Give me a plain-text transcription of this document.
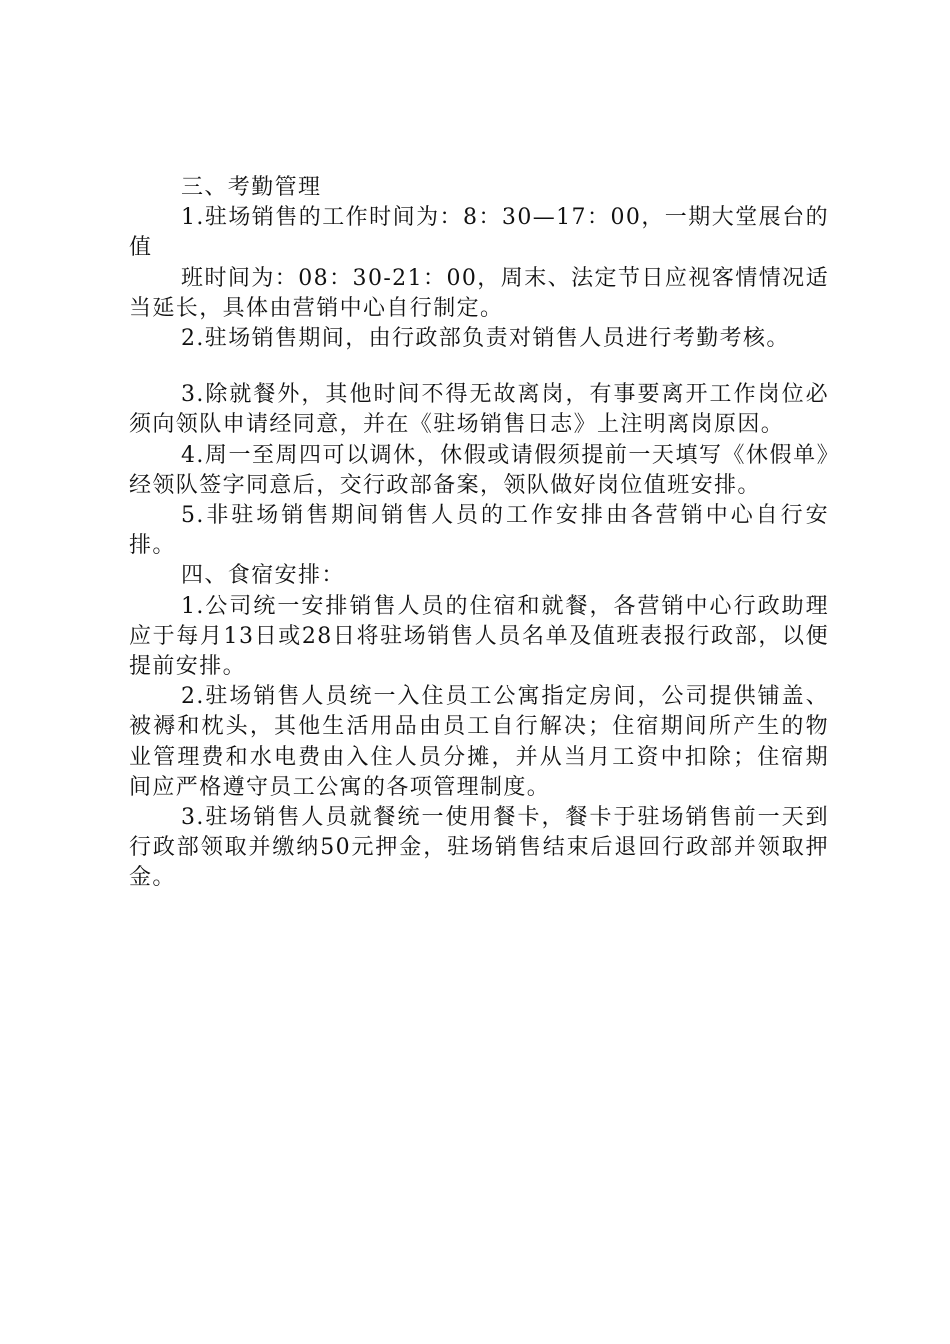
三、考勤管理

1.驻场销售的工作时间为：8：30—17：00，一期大堂展台的值

班时间为：08：30-21：00，周末、法定节日应视客情情况适当延长，具体由营销中心自行制定。

2.驻场销售期间，由行政部负责对销售人员进行考勤考核。

3.除就餐外，其他时间不得无故离岗，有事要离开工作岗位必须向领队申请经同意，并在《驻场销售日志》上注明离岗原因。

4.周一至周四可以调休，休假或请假须提前一天填写《休假单》经领队签字同意后，交行政部备案，领队做好岗位值班安排。

5.非驻场销售期间销售人员的工作安排由各营销中心自行安排。

四、食宿安排：

1.公司统一安排销售人员的住宿和就餐，各营销中心行政助理应于每月13日或28日将驻场销售人员名单及值班表报行政部，以便提前安排。

2.驻场销售人员统一入住员工公寓指定房间，公司提供铺盖、被褥和枕头，其他生活用品由员工自行解决；住宿期间所产生的物业管理费和水电费由入住人员分摊，并从当月工资中扣除；住宿期间应严格遵守员工公寓的各项管理制度。

3.驻场销售人员就餐统一使用餐卡，餐卡于驻场销售前一天到行政部领取并缴纳50元押金，驻场销售结束后退回行政部并领取押金。
